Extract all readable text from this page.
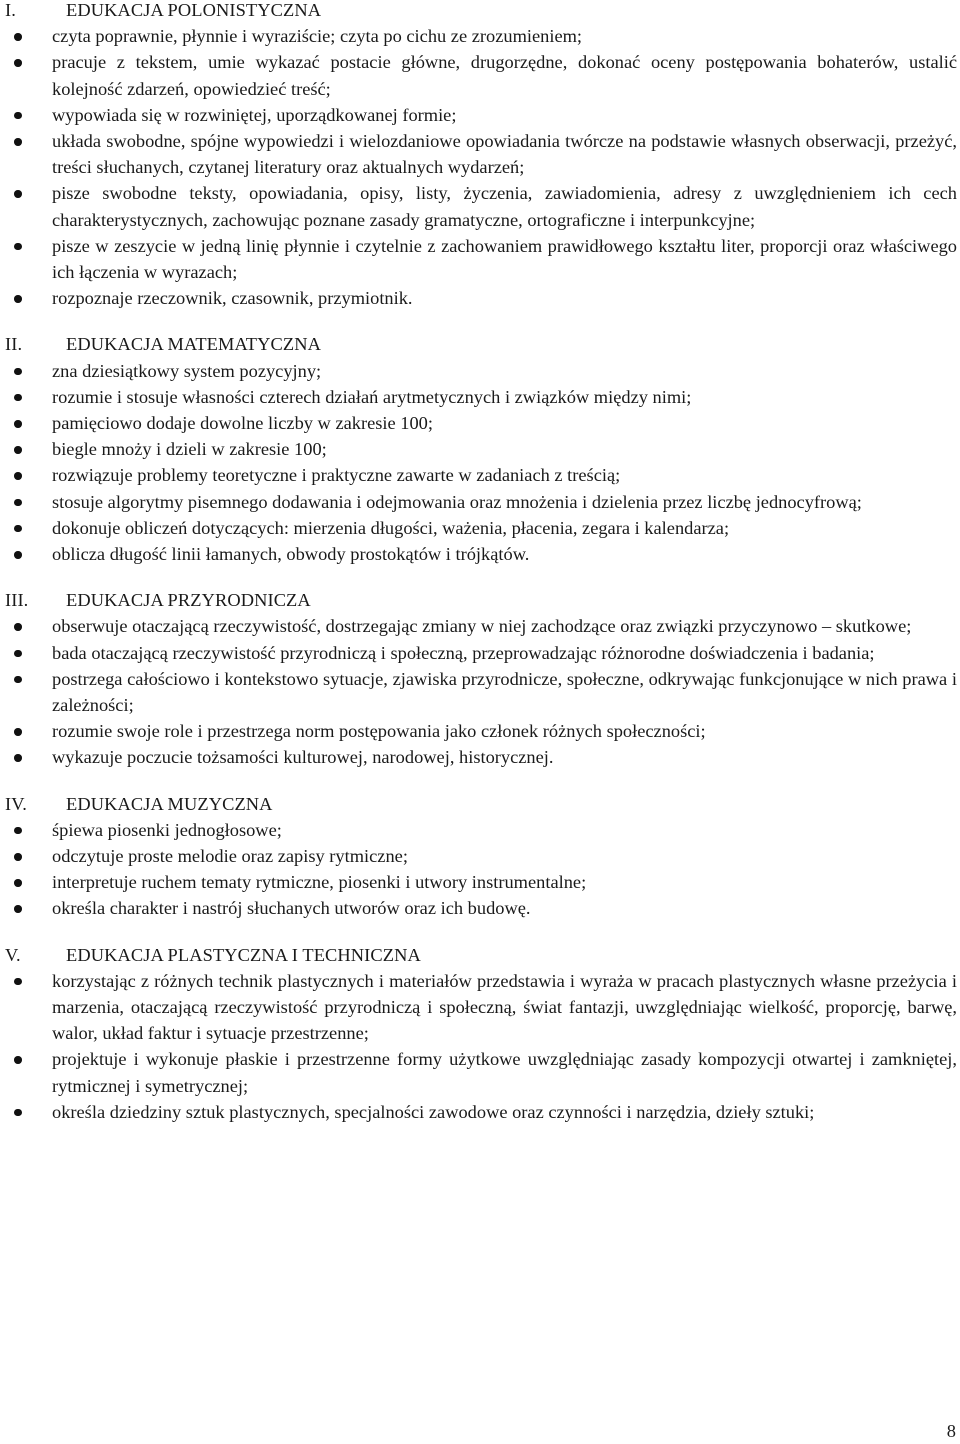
I.	EDUKACJA POLONISTYCZNA
czyta poprawnie, płynnie i wyraziście; czyta po cichu ze zrozumieniem;
pracuje z tekstem, umie wykazać postacie główne, drugorzędne, dokonać oceny postępowania bohaterów, ustalić kolejność zdarzeń, opowiedzieć treść;
wypowiada się w rozwiniętej, uporządkowanej formie;
układa swobodne, spójne wypowiedzi i wielozdaniowe opowiadania twórcze na podstawie własnych obserwacji, przeżyć, treści słuchanych, czytanej literatury oraz aktualnych wydarzeń;
pisze swobodne teksty, opowiadania, opisy, listy, życzenia, zawiadomienia, adresy z uwzględnieniem ich cech charakterystycznych, zachowując poznane zasady gramatyczne, ortograficzne i interpunkcyjne;
pisze w zeszycie w jedną linię płynnie i czytelnie z zachowaniem prawidłowego kształtu liter, proporcji oraz właściwego ich łączenia w wyrazach;
rozpoznaje rzeczownik, czasownik, przymiotnik.
II. EDUKACJA MATEMATYCZNA
zna dziesiątkowy system pozycyjny;
rozumie i stosuje własności czterech działań arytmetycznych i związków między nimi;
pamięciowo dodaje dowolne liczby w zakresie 100;
biegle mnoży i dzieli w zakresie 100;
rozwiązuje problemy teoretyczne i praktyczne zawarte w zadaniach z treścią;
stosuje algorytmy pisemnego dodawania i odejmowania oraz mnożenia i dzielenia przez liczbę jednocyfrową;
dokonuje obliczeń dotyczących: mierzenia długości, ważenia, płacenia, zegara i kalendarza;
oblicza długość linii łamanych, obwody prostokątów i trójkątów.
III. EDUKACJA PRZYRODNICZA
obserwuje otaczającą rzeczywistość, dostrzegając zmiany w niej zachodzące oraz związki przyczynowo – skutkowe;
bada otaczającą rzeczywistość przyrodniczą i społeczną, przeprowadzając różnorodne doświadczenia i badania;
postrzega całościowo i kontekstowo sytuacje, zjawiska przyrodnicze, społeczne, odkrywając funkcjonujące w nich prawa i zależności;
rozumie swoje role i przestrzega norm postępowania jako członek różnych społeczności;
wykazuje poczucie tożsamości kulturowej, narodowej, historycznej.
IV. EDUKACJA MUZYCZNA
śpiewa piosenki jednogłosowe;
odczytuje proste melodie oraz zapisy rytmiczne;
interpretuje ruchem tematy rytmiczne, piosenki i utwory instrumentalne;
określa charakter i nastrój słuchanych utworów oraz ich budowę.
V. EDUKACJA PLASTYCZNA I TECHNICZNA
korzystając z różnych technik plastycznych i materiałów przedstawia i wyraża w pracach plastycznych własne przeżycia i marzenia, otaczającą rzeczywistość przyrodniczą i społeczną, świat fantazji, uwzględniając wielkość, proporcję, barwę, walor, układ faktur i sytuacje przestrzenne;
projektuje i wykonuje płaskie i przestrzenne formy użytkowe uwzględniając zasady kompozycji otwartej i zamkniętej, rytmicznej i symetrycznej;
określa dziedziny sztuk plastycznych, specjalności zawodowe oraz czynności i narzędzia, dzieły sztuki;
8
